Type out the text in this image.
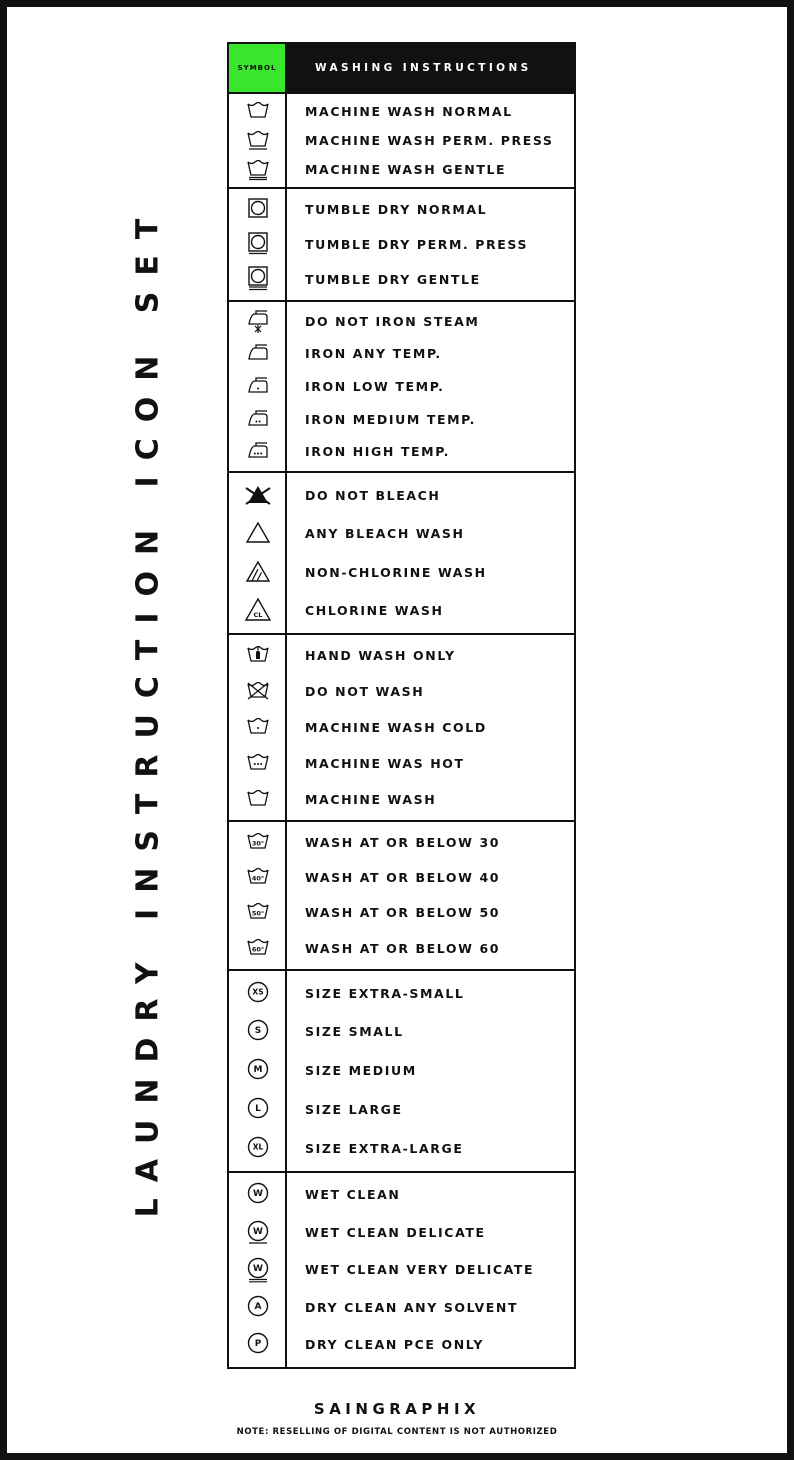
LAUNDRY INSTRUCTION ICON SET
SYMBOL	WASHING INSTRUCTIONS
MACHINE WASH NORMAL
MACHINE WASH PERM. PRESS
MACHINE WASH GENTLE
TUMBLE DRY NORMAL
TUMBLE DRY PERM. PRESS
TUMBLE DRY GENTLE
DO NOT IRON STEAM
IRON ANY TEMP.
IRON LOW TEMP.
IRON MEDIUM TEMP.
IRON HIGH TEMP.
CL
DO NOT BLEACH
ANY BLEACH WASH
NON-CHLORINE WASH
CHLORINE WASH
HAND WASH ONLY
DO NOT WASH
MACHINE WASH COLD
MACHINE WAS HOT
MACHINE WASH
30°
40°
50°
60°
WASH AT OR BELOW 30
WASH AT OR BELOW 40
WASH AT OR BELOW 50
WASH AT OR BELOW 60
XS
S
M
L
XL
SIZE EXTRA-SMALL
SIZE SMALL
SIZE MEDIUM
SIZE LARGE
SIZE EXTRA-LARGE
W
W
W
A
P
WET CLEAN
WET CLEAN DELICATE
WET CLEAN VERY DELICATE
DRY CLEAN ANY SOLVENT
DRY CLEAN PCE ONLY
SAINGRAPHIX
NOTE: RESELLING OF DIGITAL CONTENT IS NOT AUTHORIZED
